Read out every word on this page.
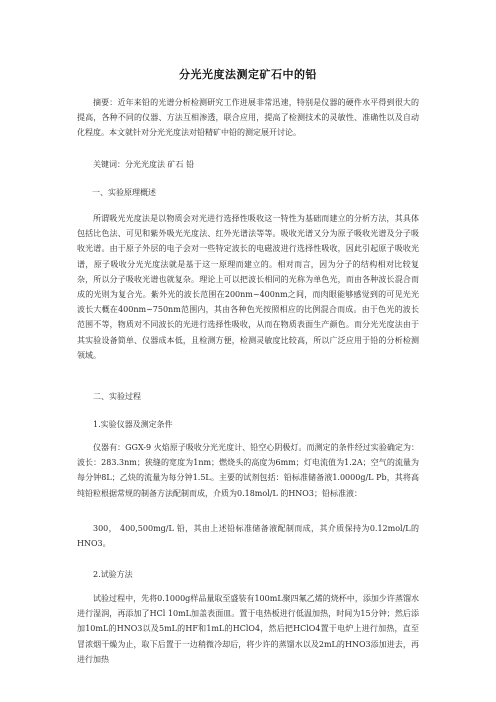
分光光度法测定矿石中的铅

摘要：近年来铅的光谱分析检测研究工作进展非常迅速，特别是仪器的硬件水平得到很大的提高，各种不同的仪器、方法互相渗透，联合应用，提高了检测技术的灵敏性、准确性以及自动化程度。本文就针对分光光度法对铅精矿中铅的测定展开讨论。

关键词：分光光度法 矿石 铅

一、实验原理概述

所谓吸光光度法是以物质会对光进行选择性吸收这一特性为基础而建立的分析方法，其具体包括比色法、可见和紫外吸光光度法、红外光谱法等等。吸收光谱又分为原子吸收光谱及分子吸收光谱。由于原子外层的电子会对一些特定波长的电磁波进行选择性吸收，因此引起原子吸收光谱，原子吸收分光光度法就是基于这一原理而建立的。相对而言，因为分子的结构相对比较复杂，所以分子吸收光谱也就复杂。理论上可以把波长相同的光称为单色光，而由各种波长混合而成的光则为复合光。紫外光的波长范围在200nm~400nm之间，而肉眼能够感觉到的可见光光波长大概在400nm~750nm范围内，其由各种色光按照相应的比例混合而成。由于色光的波长范围不等，物质对不同波长的光进行选择性吸收，从而在物质表面生产颜色。而分光光度法由于其实验设备简单、仪器成本低，且检测方便，检测灵敏度比较高，所以广泛应用于铅的分析检测领域。

二、实验过程

1.实验仪器及测定条件

仪器有：GGX-9 火焰原子吸收分光光度计、铅空心阴极灯。而测定的条件经过实验确定为：波长：283.3nm；狭缝的宽度为1nm；燃烧头的高度为6mm；灯电流值为1.2A；空气的流量为每分钟8L；乙炔的流量为每分钟1.5L。主要的试剂包括：铅标准储备液1.0000g/L Pb，其将高纯铅粒根据常规的制备方法配制而成，介质为0.18mol/L 的HNO3；铅标准液：

300， 400,500mg/L 铅，其由上述铅标准储备液配制而成，其介质保持为0.12mol/L的HNO3。

2.试验方法

试验过程中，先将0.1000g样品量取至盛装有100mL聚四氟乙烯的烧杯中，添加少许蒸馏水进行湿润，再添加了HCl 10mL加盖表面皿。置于电热板进行低温加热，时间为15分钟；然后添加10mL的HNO3以及5mL的HF和1mL的HClO4，然后把HClO4置于电炉上进行加热，直至冒浓烟干燥为止，取下后置于一边稍微冷却后，将少许的蒸馏水以及2mL的HNO3添加进去，再进行加热
